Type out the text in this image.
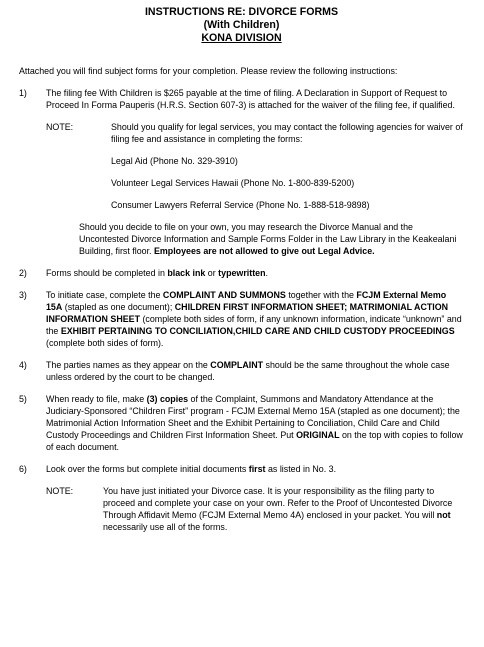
INSTRUCTIONS RE: DIVORCE FORMS
(With Children)
KONA DIVISION
Attached you will find subject forms for your completion. Please review the following instructions:
1)	The filing fee With Children is $265 payable at the time of filing. A Declaration in Support of Request to Proceed In Forma Pauperis (H.R.S. Section 607-3) is attached for the waiver of the filing fee, if qualified.
NOTE:	Should you qualify for legal services, you may contact the following agencies for waiver of filing fee and assistance in completing the forms:
Legal Aid (Phone No. 329-3910)
Volunteer Legal Services Hawaii (Phone No. 1-800-839-5200)
Consumer Lawyers Referral Service (Phone No. 1-888-518-9898)
Should you decide to file on your own, you may research the Divorce Manual and the Uncontested Divorce Information and Sample Forms Folder in the Law Library in the Keakealani Building, first floor. Employees are not allowed to give out Legal Advice.
2)	Forms should be completed in black ink or typewritten.
3)	To initiate case, complete the COMPLAINT AND SUMMONS together with the FCJM External Memo 15A (stapled as one document); CHILDREN FIRST INFORMATION SHEET; MATRIMONIAL ACTION INFORMATION SHEET (complete both sides of form, if any unknown information, indicate “unknown” and the EXHIBIT PERTAINING TO CONCILIATION,CHILD CARE AND CHILD CUSTODY PROCEEDINGS (complete both sides of form).
4)	The parties names as they appear on the COMPLAINT should be the same throughout the whole case unless ordered by the court to be changed.
5)	When ready to file, make (3) copies of the Complaint, Summons and Mandatory Attendance at the Judiciary-Sponsored “Children First” program - FCJM External Memo 15A (stapled as one document); the Matrimonial Action Information Sheet and the Exhibit Pertaining to Conciliation, Child Care and Child Custody Proceedings and Children First Information Sheet. Put ORIGINAL on the top with copies to follow of each document.
6)	Look over the forms but complete initial documents first as listed in No. 3.
NOTE:	You have just initiated your Divorce case. It is your responsibility as the filing party to proceed and complete your case on your own. Refer to the Proof of Uncontested Divorce Through Affidavit Memo (FCJM External Memo 4A) enclosed in your packet. You will not necessarily use all of the forms.
